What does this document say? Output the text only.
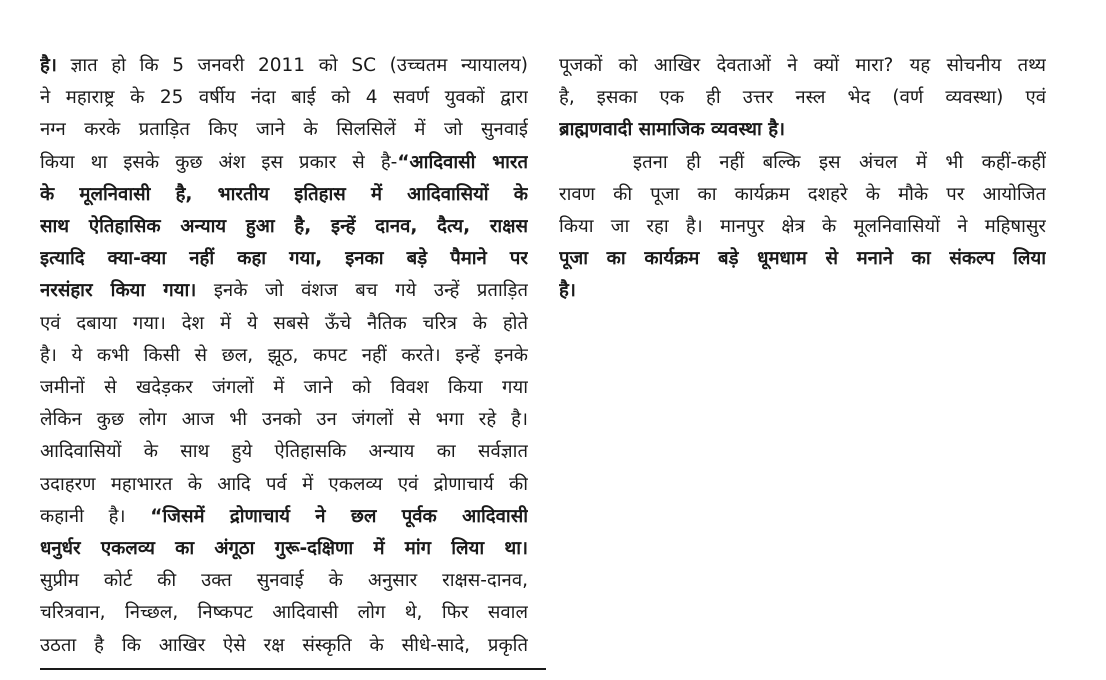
है। ज्ञात हो कि 5 जनवरी 2011 को SC (उच्चतम न्यायालय)
ने महाराष्ट्र के 25 वर्षीय नंदा बाई को 4 सवर्ण युवकों द्वारा
नग्न करके प्रताड़ित किए जाने के सिलसिलें में जो सुनवाई
किया था इसके कुछ अंश इस प्रकार से है-“आदिवासी भारत
के मूलनिवासी है, भारतीय इतिहास में आदिवासियों के
साथ ऐतिहासिक अन्याय हुआ है, इन्हें दानव, दैत्य, राक्षस
इत्यादि क्या-क्या नहीं कहा गया, इनका बड़े पैमाने पर
नरसंहार किया गया। इनके जो वंशज बच गये उन्हें प्रताड़ित
एवं दबाया गया। देश में ये सबसे ऊँचे नैतिक चरित्र के होते
है। ये कभी किसी से छल, झूठ, कपट नहीं करते। इन्हें इनके
जमीनों से खदेड़कर जंगलों में जाने को विवश किया गया
लेकिन कुछ लोग आज भी उनको उन जंगलों से भगा रहे है।
आदिवासियों के साथ हुये ऐतिहासकि अन्याय का सर्वज्ञात
उदाहरण महाभारत के आदि पर्व में एकलव्य एवं द्रोणाचार्य की
कहानी है। “जिसमें द्रोणाचार्य ने छल पूर्वक आदिवासी
धनुर्धर एकलव्य का अंगूठा गुरू-दक्षिणा में मांग लिया था।
सुप्रीम कोर्ट की उक्त सुनवाई के अनुसार राक्षस-दानव,
चरित्रवान, निच्छल, निष्कपट आदिवासी लोग थे, फिर सवाल
उठता है कि आखिर ऐसे रक्ष संस्कृति के सीधे-सादे, प्रकृति
पूजकों को आखिर देवताओं ने क्यों मारा? यह सोचनीय तथ्य
है, इसका एक ही उत्तर नस्ल भेद (वर्ण व्यवस्था) एवं
ब्राह्मणवादी सामाजिक व्यवस्था है।
इतना ही नहीं बल्कि इस अंचल में भी कहीं-कहीं
रावण की पूजा का कार्यक्रम दशहरे के मौके पर आयोजित
किया जा रहा है। मानपुर क्षेत्र के मूलनिवासियों ने महिषासुर
पूजा का कार्यक्रम बड़े धूमधाम से मनाने का संकल्प लिया
है।
